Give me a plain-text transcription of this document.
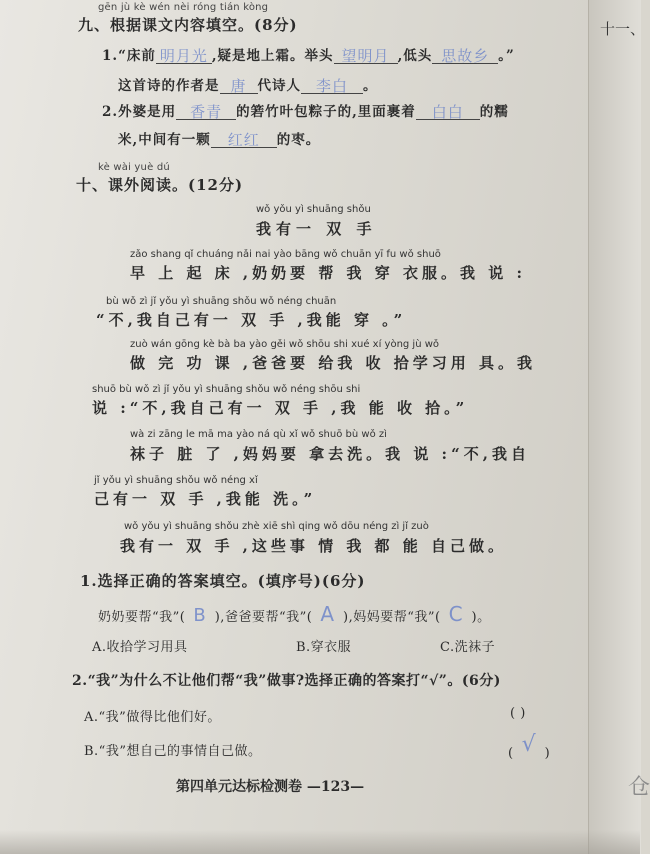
十一、
仓
gēn jù kè wén nèi róng tián kòng
九、根据课文内容填空。(8分)
1.“床前 明月光 ,疑是地上霜。举头 望明月 ,低头 思故乡 。”
这首诗的作者是 唐 代诗人 李白 。
2.外婆是用 香青 的箬竹叶包粽子的,里面裹着 白白 的糯
米,中间有一颗 红红 的枣。
kè wài yuè dú
十、课外阅读。(12分)
wǒ yǒu yì shuāng shǒu
我有一 双 手
zǎo shang qǐ chuáng nǎi nai yào bāng wǒ chuān yī fu wǒ shuō
早 上 起 床 ,奶奶要 帮 我 穿 衣服。我 说 :
bù wǒ zì jǐ yǒu yì shuāng shǒu wǒ néng chuān
“不,我自己有一 双 手 ,我能 穿 。”
zuò wán gōng kè bà ba yào gěi wǒ shōu shi xué xí yòng jù wǒ
做 完 功 课 ,爸爸要 给我 收 拾学习用 具。我
shuō bù wǒ zì jǐ yǒu yì shuāng shǒu wǒ néng shōu shi
说 :“不,我自己有一 双 手 ,我 能 收 拾。”
wà zi zāng le mā ma yào ná qù xǐ wǒ shuō bù wǒ zì
袜子 脏 了 ,妈妈要 拿去洗。我 说 :“不,我自
jǐ yǒu yì shuāng shǒu wǒ néng xǐ
己有一 双 手 ,我能 洗。”
wǒ yǒu yì shuāng shǒu zhè xiē shì qing wǒ dōu néng zì jǐ zuò
我有一 双 手 ,这些事 情 我 都 能 自己做。
1.选择正确的答案填空。(填序号)(6分)
奶奶要帮“我”( B ),爸爸要帮“我”( A ),妈妈要帮“我”( C )。
A.收拾学习用具	B.穿衣服	C.洗袜子
2.“我”为什么不让他们帮“我”做事?选择正确的答案打“√”。(6分)
A.“我”做得比他们好。	( )
B.“我”想自己的事情自己做。	( √ )
第四单元达标检测卷 —123—
